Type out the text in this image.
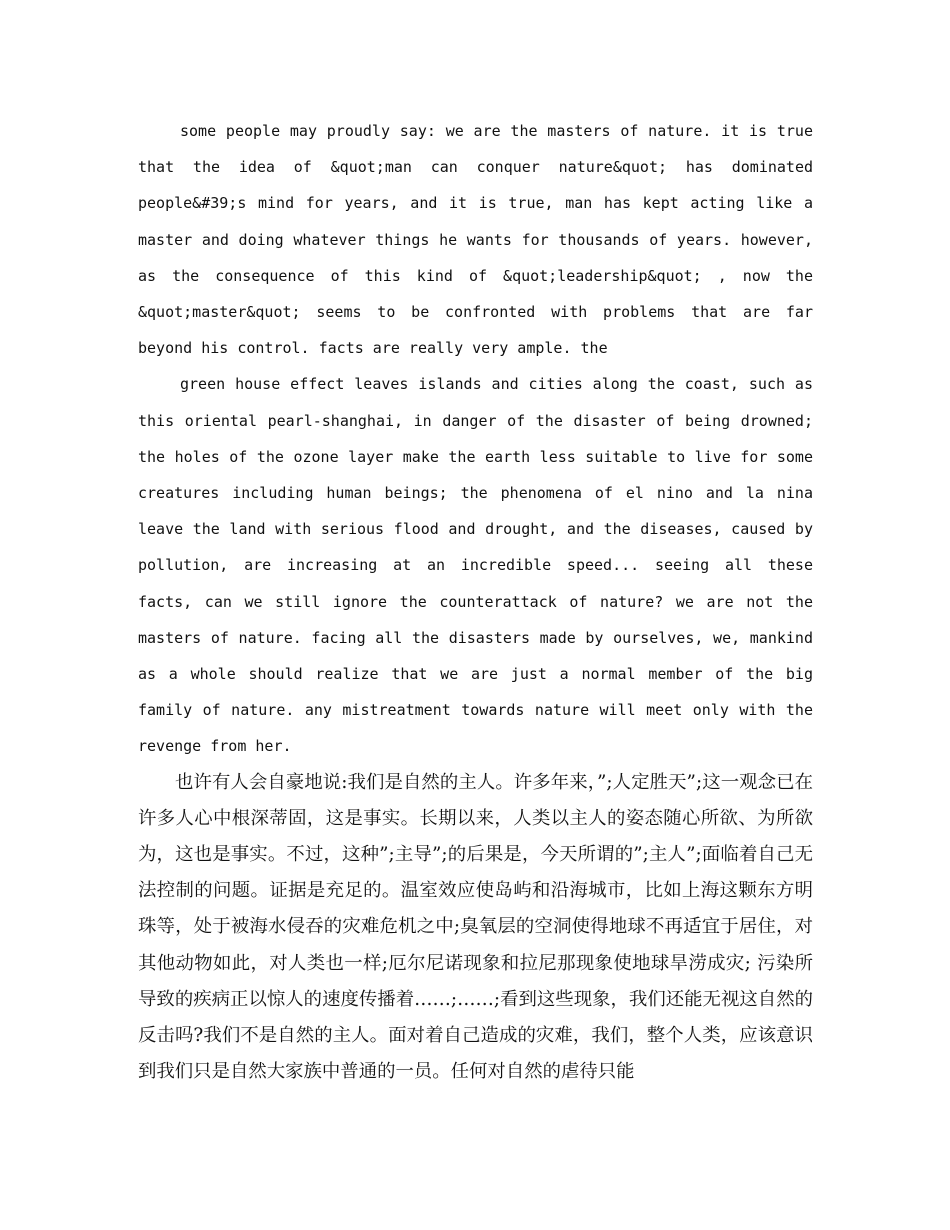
some people may proudly say: we are the masters of nature. it is true that the idea of &quot;man can conquer nature&quot; has dominated people&#39;s mind for years, and it is true, man has kept acting like a master and doing whatever things he wants for thousands of years. however, as the consequence of this kind of &quot;leadership&quot; , now the &quot;master&quot; seems to be confronted with problems that are far beyond his control. facts are really very ample. the

green house effect leaves islands and cities along the coast, such as this oriental pearl-shanghai, in danger of the disaster of being drowned; the holes of the ozone layer make the earth less suitable to live for some creatures including human beings; the phenomena of el nino and la nina leave the land with serious flood and drought, and the diseases, caused by pollution, are increasing at an incredible speed... seeing all these facts, can we still ignore the counterattack of nature? we are not the masters of nature. facing all the disasters made by ourselves, we, mankind as a whole should realize that we are just a normal member of the big family of nature. any mistreatment towards nature will meet only with the revenge from her.

也许有人会自豪地说:我们是自然的主人。许多年来，”;人定胜天”;这一观念已在许多人心中根深蒂固，这是事实。长期以来，人类以主人的姿态随心所欲、为所欲为，这也是事实。不过，这种”;主导”;的后果是，今天所谓的”;主人”;面临着自己无法控制的问题。证据是充足的。温室效应使岛屿和沿海城市，比如上海这颗东方明珠等，处于被海水侵吞的灾难危机之中;臭氧层的空洞使得地球不再适宜于居住，对其他动物如此，对人类也一样;厄尔尼诺现象和拉尼那现象使地球旱涝成灾; 污染所导致的疾病正以惊人的速度传播着……;……;看到这些现象，我们还能无视这自然的反击吗?我们不是自然的主人。面对着自己造成的灾难，我们，整个人类，应该意识到我们只是自然大家族中普通的一员。任何对自然的虐待只能
